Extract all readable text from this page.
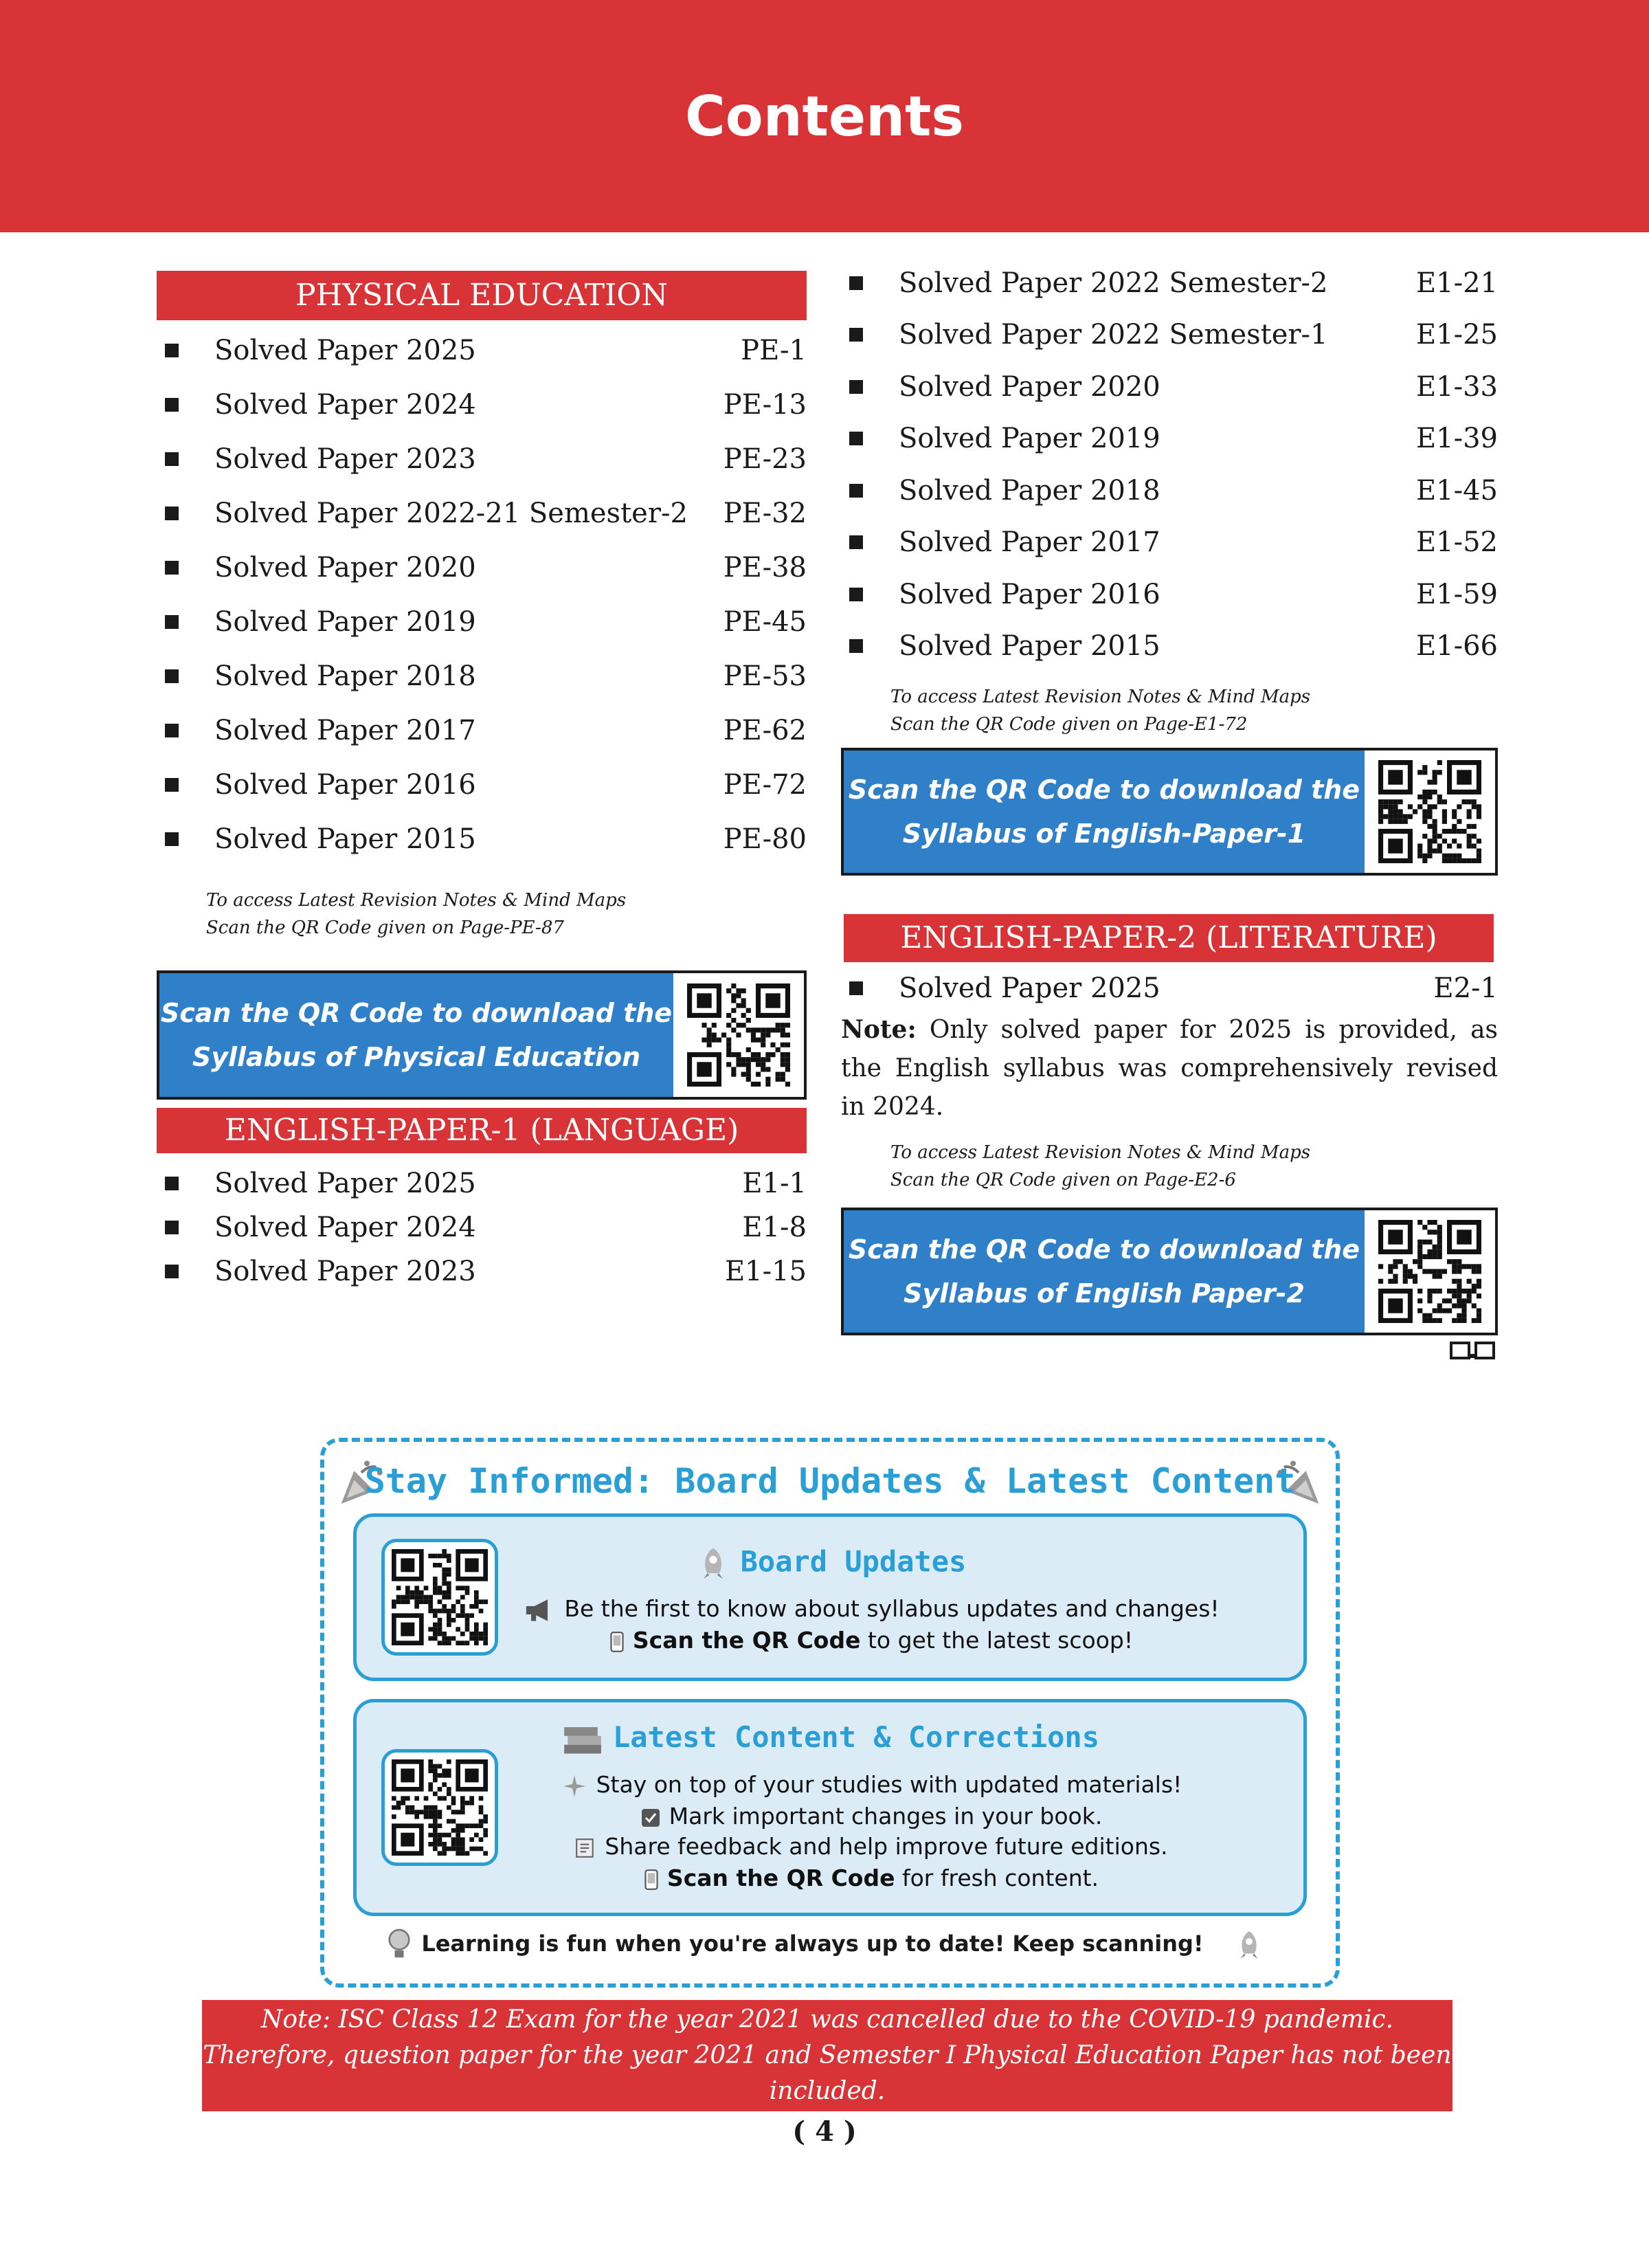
Contents
PHYSICAL EDUCATION
Solved Paper 2025	PE-1
Solved Paper 2024	PE-13
Solved Paper 2023	PE-23
Solved Paper 2022-21 Semester-2	PE-32
Solved Paper 2020	PE-38
Solved Paper 2019	PE-45
Solved Paper 2018	PE-53
Solved Paper 2017	PE-62
Solved Paper 2016	PE-72
Solved Paper 2015	PE-80
To access Latest Revision Notes & Mind Maps
Scan the QR Code given on Page-PE-87
Scan the QR Code to download the
Syllabus of Physical Education
ENGLISH-PAPER-1 (LANGUAGE)
Solved Paper 2025	E1-1
Solved Paper 2024	E1-8
Solved Paper 2023	E1-15
Solved Paper 2022 Semester-2	E1-21
Solved Paper 2022 Semester-1	E1-25
Solved Paper 2020	E1-33
Solved Paper 2019	E1-39
Solved Paper 2018	E1-45
Solved Paper 2017	E1-52
Solved Paper 2016	E1-59
Solved Paper 2015	E1-66
To access Latest Revision Notes & Mind Maps
Scan the QR Code given on Page-E1-72
Scan the QR Code to download the
Syllabus of English-Paper-1
ENGLISH-PAPER-2 (LITERATURE)
Solved Paper 2025	E2-1
Note: Only solved paper for 2025 is provided, as the English syllabus was comprehensively revised in 2024.
To access Latest Revision Notes & Mind Maps
Scan the QR Code given on Page-E2-6
Scan the QR Code to download the
Syllabus of English Paper-2
Stay Informed: Board Updates & Latest Content
Board Updates
Be the first to know about syllabus updates and changes!
Scan the QR Code to get the latest scoop!
Latest Content & Corrections
Stay on top of your studies with updated materials!
Mark important changes in your book.
Share feedback and help improve future editions.
Scan the QR Code for fresh content.
Learning is fun when you're always up to date! Keep scanning!
Note: ISC Class 12 Exam for the year 2021 was cancelled due to the COVID-19 pandemic.
Therefore, question paper for the year 2021 and Semester I Physical Education Paper has not been included.
( 4 )
